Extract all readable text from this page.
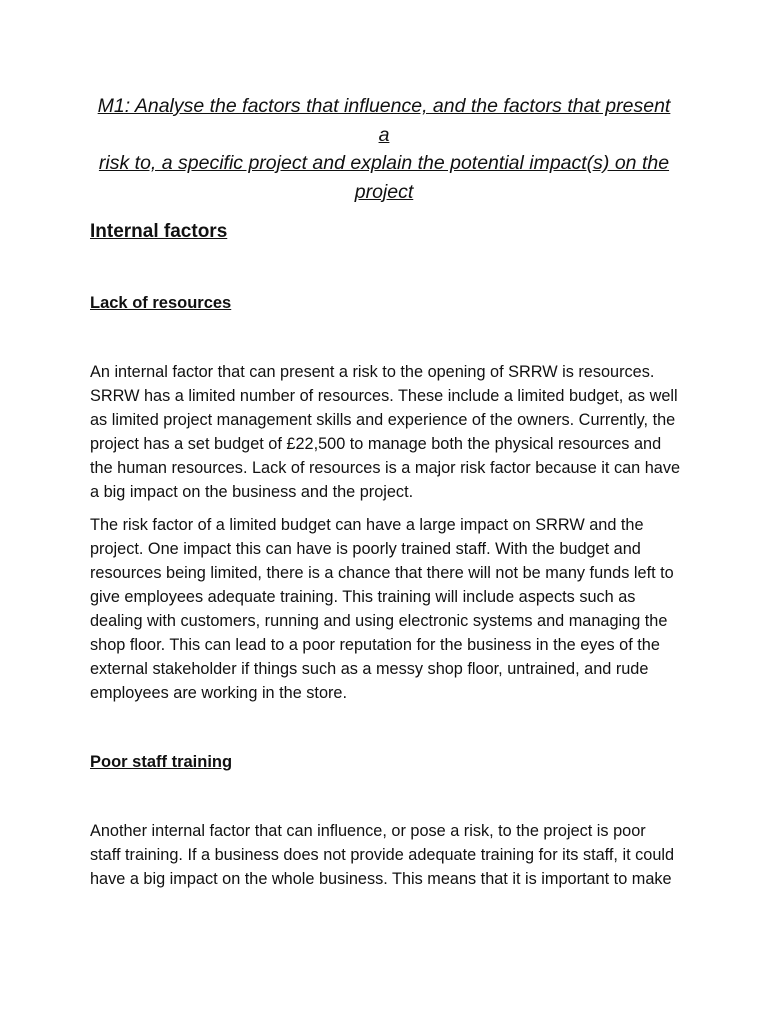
M1: Analyse the factors that influence, and the factors that present a
risk to, a specific project and explain the potential impact(s) on the
project
Internal factors
Lack of resources

An internal factor that can present a risk to the opening of SRRW is resources.
SRRW has a limited number of resources. These include a limited budget, as well
as limited project management skills and experience of the owners. Currently, the
project has a set budget of £22,500 to manage both the physical resources and
the human resources. Lack of resources is a major risk factor because it can have
a big impact on the business and the project.

The risk factor of a limited budget can have a large impact on SRRW and the
project. One impact this can have is poorly trained staff. With the budget and
resources being limited, there is a chance that there will not be many funds left to
give employees adequate training. This training will include aspects such as
dealing with customers, running and using electronic systems and managing the
shop floor. This can lead to a poor reputation for the business in the eyes of the
external stakeholder if things such as a messy shop floor, untrained, and rude
employees are working in the store.

Poor staff training

Another internal factor that can influence, or pose a risk, to the project is poor
staff training. If a business does not provide adequate training for its staff, it could
have a big impact on the whole business. This means that it is important to make
